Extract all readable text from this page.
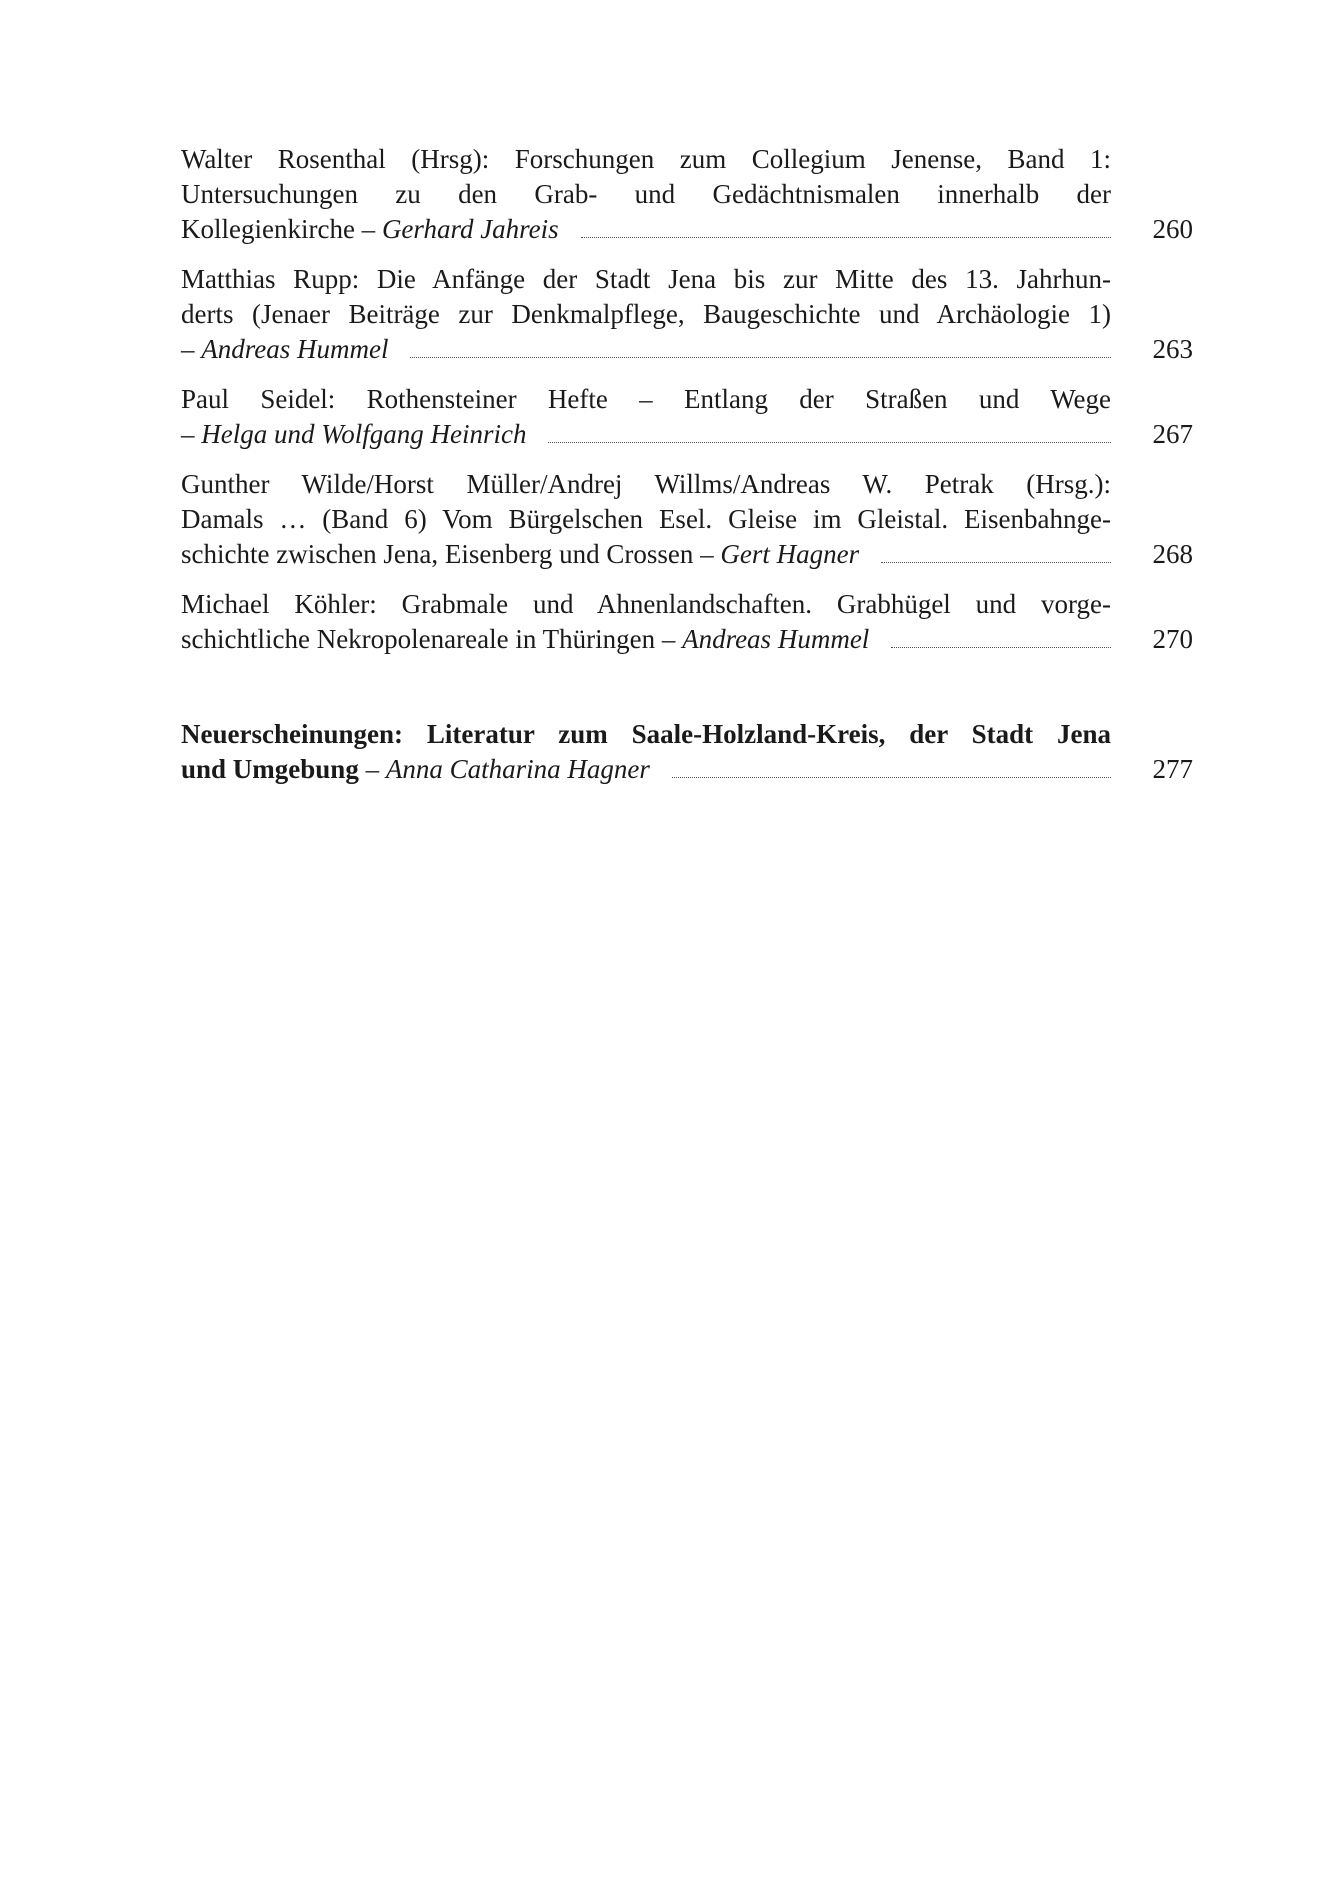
Walter Rosenthal (Hrsg): Forschungen zum Collegium Jenense, Band 1:
Untersuchungen zu den Grab- und Gedächtnismalen innerhalb der
Kollegienkirche – Gerhard Jahreis	260
Matthias Rupp: Die Anfänge der Stadt Jena bis zur Mitte des 13. Jahrhun-
derts (Jenaer Beiträge zur Denkmalpflege, Baugeschichte und Archäologie 1)
– Andreas Hummel	263
Paul Seidel: Rothensteiner Hefte – Entlang der Straßen und Wege
– Helga und Wolfgang Heinrich	267
Gunther Wilde/Horst Müller/Andrej Willms/Andreas W. Petrak (Hrsg.):
Damals … (Band 6) Vom Bürgelschen Esel. Gleise im Gleistal. Eisenbahnge-
schichte zwischen Jena, Eisenberg und Crossen – Gert Hagner	268
Michael Köhler: Grabmale und Ahnenlandschaften. Grabhügel und vorge-
schichtliche Nekropolenareale in Thüringen – Andreas Hummel	270
Neuerscheinungen: Literatur zum Saale-Holzland-Kreis, der Stadt Jena
und Umgebung – Anna Catharina Hagner	277
